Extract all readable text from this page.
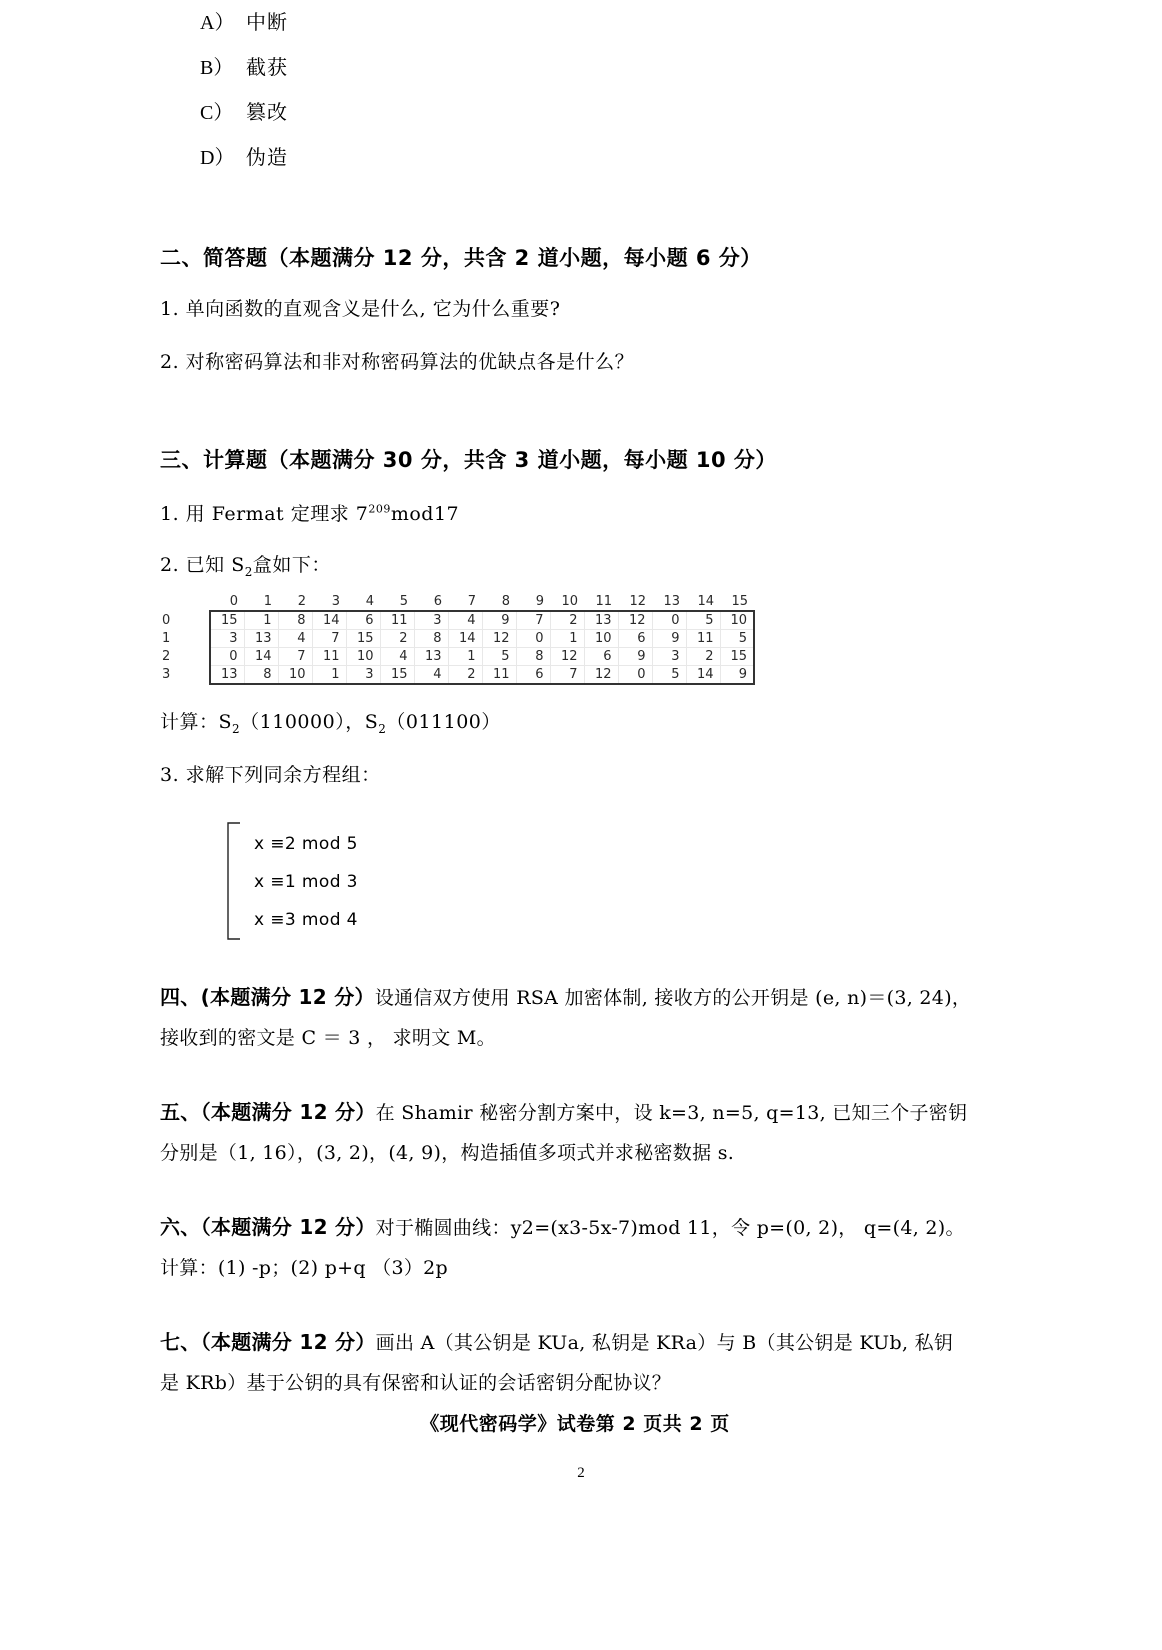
A） 中断
B） 截获
C） 篡改
D） 伪造
二、简答题（本题满分 12 分，共含 2 道小题，每小题 6 分）
1. 单向函数的直观含义是什么, 它为什么重要?
2. 对称密码算法和非对称密码算法的优缺点各是什么？
三、计算题（本题满分 30 分，共含 3 道小题，每小题 10 分）
1. 用 Fermat 定理求 $7^{209}mod17$
2. 已知 $S_2$盒如下：
		0	1	2	3	4	5	6	7	8	9	10	11	12	13	14	15
0		15	1	8	14	6	11	3	4	9	7	2	13	12	0	5	10
1		3	13	4	7	15	2	8	14	12	0	1	10	6	9	11	5
2		0	14	7	11	10	4	13	1	5	8	12	6	9	3	2	15
3		13	8	10	1	3	15	4	2	11	6	7	12	0	5	14	9
计算：$S_2(110000)$，$S_2(011100)$
3. 求解下列同余方程组：
x ≡2 mod 5
x ≡1 mod 3
x ≡3 mod 4
四、(本题满分 12 分）设通信双方使用 RSA 加密体制, 接收方的公开钥是 (e, n)＝(3, 24)，
接收到的密文是 C ＝ 3 ， 求明文 M。
五、（本题满分 12 分）在 Shamir 秘密分割方案中，设 k=3, n=5, q=13, 已知三个子密钥
分别是（1, 16），(3, 2)，(4, 9)，构造插值多项式并求秘密数据 s.
六、（本题满分 12 分）对于椭圆曲线：y2=(x3-5x-7)mod 11，令 p=(0, 2)， q=(4, 2)。
计算：(1) -p；(2) p+q （3）2p
七、（本题满分 12 分）画出 A（其公钥是 KUa, 私钥是 KRa）与 B（其公钥是 KUb, 私钥
是 KRb）基于公钥的具有保密和认证的会话密钥分配协议？
《现代密码学》试卷第 2 页共 2 页
2
